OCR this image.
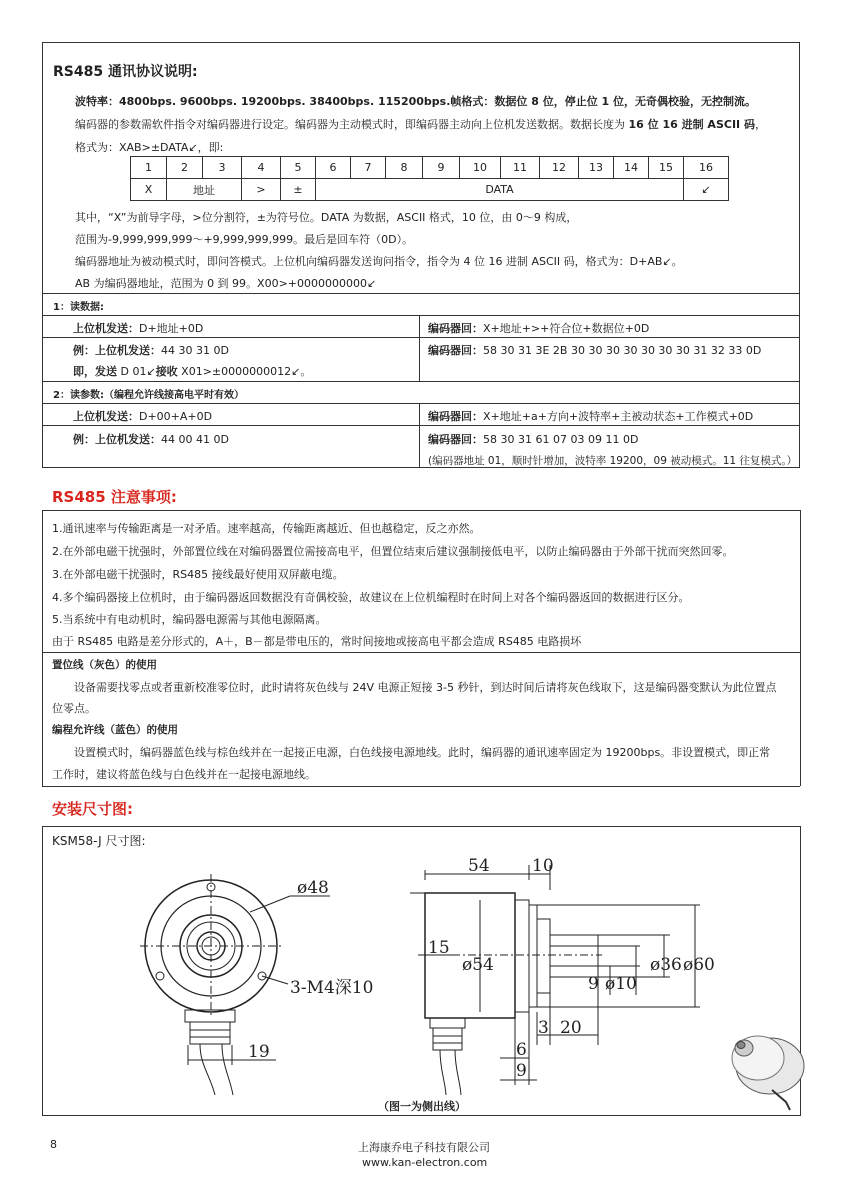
RS485 通讯协议说明:
波特率：4800bps. 9600bps. 19200bps. 38400bps. 115200bps.帧格式：数据位 8 位，停止位 1 位，无奇偶校验，无控制流。
编码器的参数需软件指令对编码器进行设定。编码器为主动模式时，即编码器主动向上位机发送数据。数据长度为 16 位 16 进制 ASCII 码，
格式为：XAB>±DATA↙，即:
其中，“X”为前导字母，>位分割符，±为符号位。DATA 为数据，ASCII 格式，10 位，由 0～9 构成，
范围为-9,999,999,999～+9,999,999,999。最后是回车符（0D）。
编码器地址为被动模式时，即问答模式。上位机向编码器发送询问指令，指令为 4 位 16 进制 ASCII 码，格式为：D+AB↙。
AB 为编码器地址，范围为 0 到 99。X00>+0000000000↙
1：读数据:
上位机发送：D+地址+0D	编码器回：X+地址+>+符合位+数据位+0D
例：上位机发送：44 30 31 0D	编码器回：58 30 31 3E 2B 30 30 30 30 30 30 30 31 32 33 0D
即，发送 D 01↙接收 X01>±0000000012↙。
2：读参数:（编程允许线接高电平时有效）
上位机发送：D+00+A+0D	编码器回：X+地址+a+方向+波特率+主被动状态+工作模式+0D
例：上位机发送：44 00 41 0D	编码器回：58 30 31 61 07 03 09 11 0D
(编码器地址 01，顺时针增加，波特率 19200，09 被动模式。11 往复模式。）
1	2	3	4	5	6	7	8	9	10	11	12	13	14	15	16
X	地址		>	±	DATA										↙
RS485 注意事项:
1.通讯速率与传输距离是一对矛盾。速率越高，传输距离越近、但也越稳定，反之亦然。
2.在外部电磁干扰强时，外部置位线在对编码器置位需接高电平，但置位结束后建议强制接低电平，以防止编码器由于外部干扰而突然回零。
3.在外部电磁干扰强时，RS485 接线最好使用双屏蔽电缆。
4.多个编码器接上位机时，由于编码器返回数据没有奇偶校验，故建议在上位机编程时在时间上对各个编码器返回的数据进行区分。
5.当系统中有电动机时，编码器电源需与其他电源隔离。
由于 RS485 电路是差分形式的，A＋，B－都是带电压的，常时间接地或接高电平都会造成 RS485 电路损坏
置位线（灰色）的使用
设备需要找零点或者重新校准零位时，此时请将灰色线与 24V 电源正短接 3-5 秒针，到达时间后请将灰色线取下，这是编码器变默认为此位置点
位零点。
编程允许线（蓝色）的使用
设置模式时，编码器蓝色线与棕色线并在一起接正电源，白色线接电源地线。此时，编码器的通讯速率固定为 19200bps。非设置模式，即正常
工作时，建议将蓝色线与白色线并在一起接电源地线。
安装尺寸图:
KSM58-J 尺寸图:
ø48
3-M4深10
19
54 10
15
ø54	ø36 ø60
ø10
9
3 20
6
9
（图一为侧出线）
8	上海康乔电子科技有限公司
www.kan-electron.com
